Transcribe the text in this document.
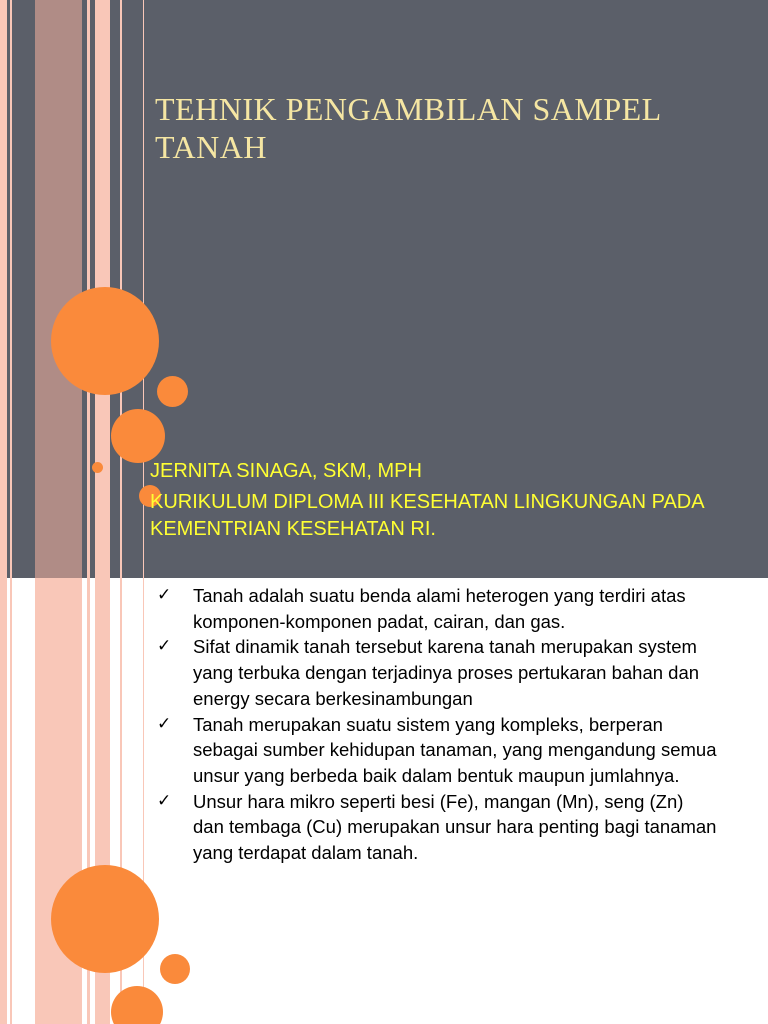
TEHNIK PENGAMBILAN SAMPEL TANAH
JERNITA SINAGA, SKM, MPH
KURIKULUM DIPLOMA III KESEHATAN LINGKUNGAN PADA KEMENTRIAN KESEHATAN RI.
✓ Tanah adalah suatu benda alami heterogen yang terdiri atas komponen-komponen padat, cairan, dan gas.
✓ Sifat dinamik tanah tersebut karena tanah merupakan system yang terbuka dengan terjadinya proses pertukaran bahan dan energy secara berkesinambungan
✓ Tanah merupakan suatu sistem yang kompleks, berperan sebagai sumber kehidupan tanaman, yang mengandung semua unsur yang berbeda baik dalam bentuk maupun jumlahnya.
✓ Unsur hara mikro seperti besi (Fe), mangan (Mn), seng (Zn) dan tembaga (Cu) merupakan unsur hara penting bagi tanaman yang terdapat dalam tanah.
